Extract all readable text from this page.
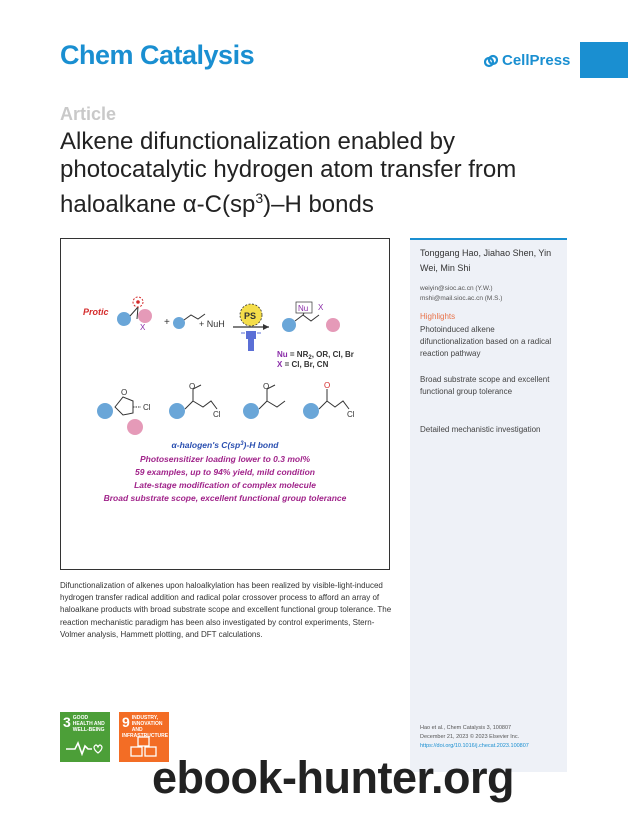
Chem Catalysis	CellPress
Article
Alkene difunctionalization enabled by
photocatalytic hydrogen atom transfer from
haloalkane $\alpha-C(sp^3)-H$ bonds
Protic
X +	+ NuH
PS
Nu X
$Nu = NR_2$, OR, Cl, Br
X = Cl, Br, CN
O
Cl
O
Cl
O	O
Cl
α-halogen's $C(sp^3)-H$ bond
Photosensitizer loading lower to 0.3 mol%
59 examples, up to 94% yield, mild condition
Late-stage modification of complex molecule
Broad substrate scope, excellent functional group tolerance
Difunctionalization of alkenes upon haloalkylation has been realized by visible-light-induced hydrogen transfer radical addition and radical polar crossover process to afford an array of haloalkane products with broad substrate scope and excellent functional group tolerance. The reaction mechanistic paradigm has been also investigated by control experiments, Stern-Volmer analysis, Hammett plotting, and DFT calculations.
Tonggang Hao, Jiahao Shen, Yin Wei, Min Shi
weiyin@sioc.ac.cn (Y.W.)
mshi@mail.sioc.ac.cn (M.S.)
Highlights
Photoinduced alkene difunctionalization based on a radical reaction pathway
Broad substrate scope and excellent functional group tolerance
Detailed mechanistic investigation
Hao et al., Chem Catalysis 3, 100807
December 21, 2023 © 2023 Elsevier Inc.
https://doi.org/10.1016/j.checat.2023.100807
3 GOOD HEALTH AND WELL-BEING	9 INDUSTRY, INNOVATION AND INFRASTRUCTURE
ebook-hunter.org
